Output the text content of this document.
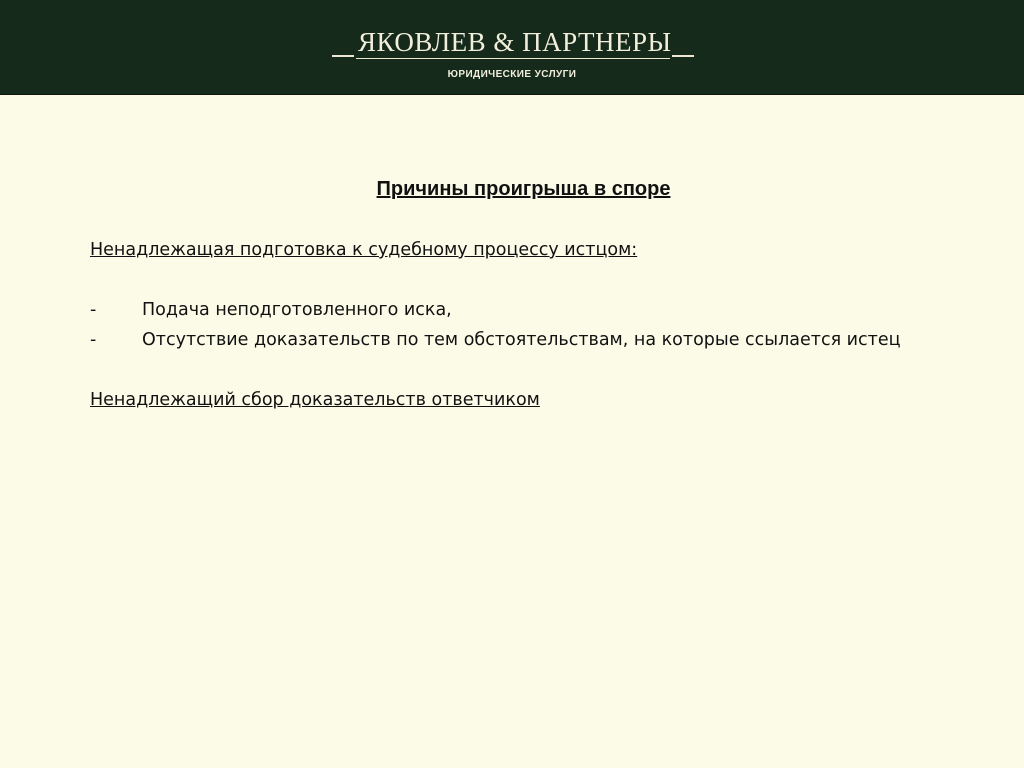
ЯКОВЛЕВ & ПАРТНЕРЫ
ЮРИДИЧЕСКИЕ УСЛУГИ
Причины проигрыша в споре

Ненадлежащая подготовка к судебному процессу истцом:

-	Подача неподготовленного иска,
-	Отсутствие доказательств по тем обстоятельствам, на которые ссылается истец

Ненадлежащий сбор доказательств ответчиком
